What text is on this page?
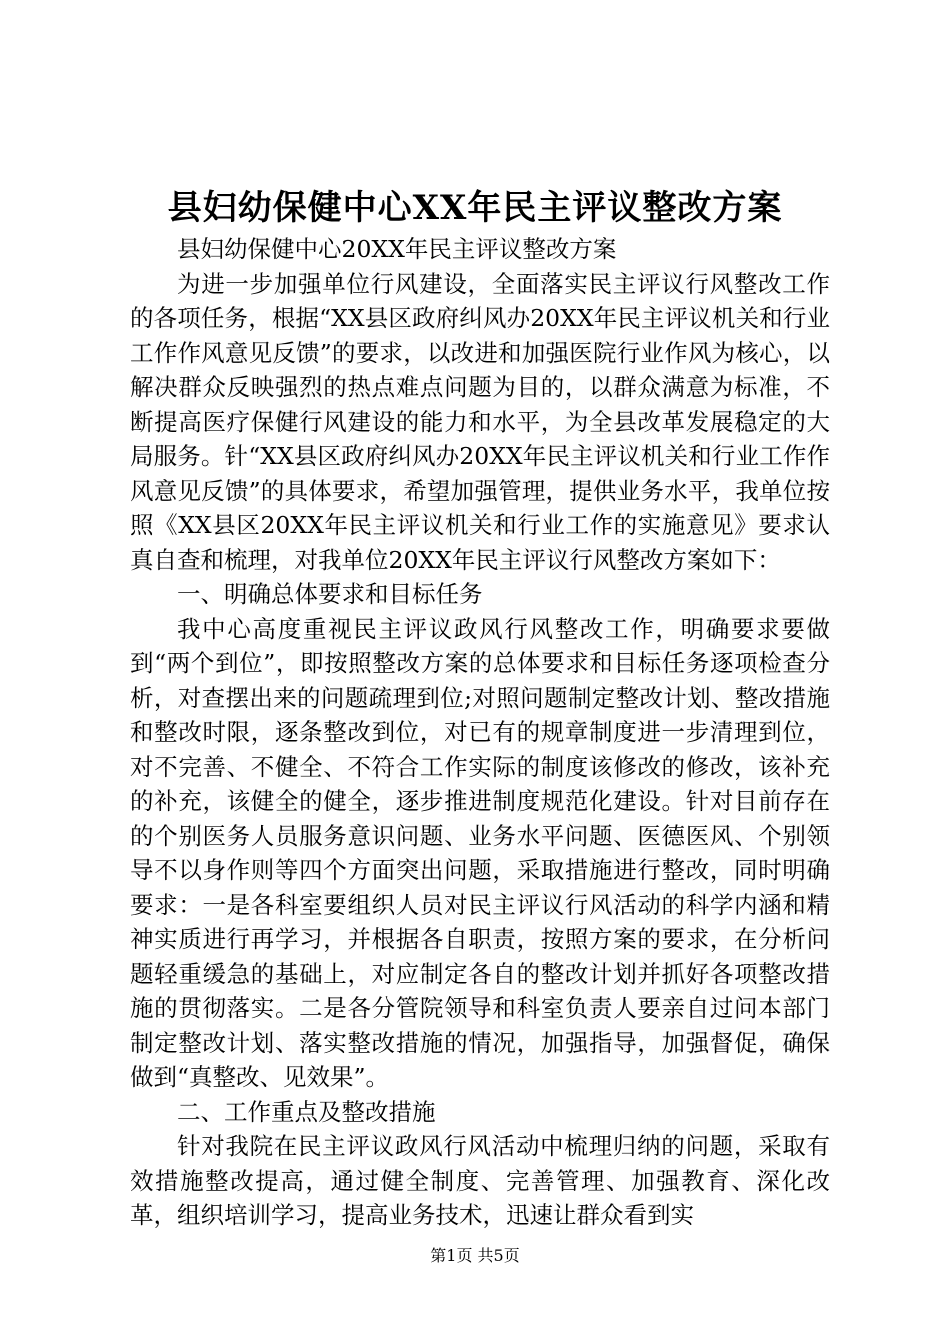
县妇幼保健中心XX年民主评议整改方案

县妇幼保健中心20XX年民主评议整改方案

为进一步加强单位行风建设，全面落实民主评议行风整改工作的各项任务，根据“XX县区政府纠风办20XX年民主评议机关和行业工作作风意见反馈”的要求，以改进和加强医院行业作风为核心，以解决群众反映强烈的热点难点问题为目的，以群众满意为标准，不断提高医疗保健行风建设的能力和水平，为全县改革发展稳定的大局服务。针“XX县区政府纠风办20XX年民主评议机关和行业工作作风意见反馈”的具体要求，希望加强管理，提供业务水平，我单位按照《XX县区20XX年民主评议机关和行业工作的实施意见》要求认真自查和梳理，对我单位20XX年民主评议行风整改方案如下：

一、明确总体要求和目标任务

我中心高度重视民主评议政风行风整改工作，明确要求要做到“两个到位”，即按照整改方案的总体要求和目标任务逐项检查分析，对查摆出来的问题疏理到位;对照问题制定整改计划、整改措施和整改时限，逐条整改到位，对已有的规章制度进一步清理到位，对不完善、不健全、不符合工作实际的制度该修改的修改，该补充的补充，该健全的健全，逐步推进制度规范化建设。针对目前存在的个别医务人员服务意识问题、业务水平问题、医德医风、个别领导不以身作则等四个方面突出问题，采取措施进行整改，同时明确要求：一是各科室要组织人员对民主评议行风活动的科学内涵和精神实质进行再学习，并根据各自职责，按照方案的要求，在分析问题轻重缓急的基础上，对应制定各自的整改计划并抓好各项整改措施的贯彻落实。二是各分管院领导和科室负责人要亲自过问本部门制定整改计划、落实整改措施的情况，加强指导，加强督促，确保做到“真整改、见效果”。

二、工作重点及整改措施

针对我院在民主评议政风行风活动中梳理归纳的问题，采取有效措施整改提高，通过健全制度、完善管理、加强教育、深化改革，组织培训学习，提高业务技术，迅速让群众看到实

第1页 共5页
